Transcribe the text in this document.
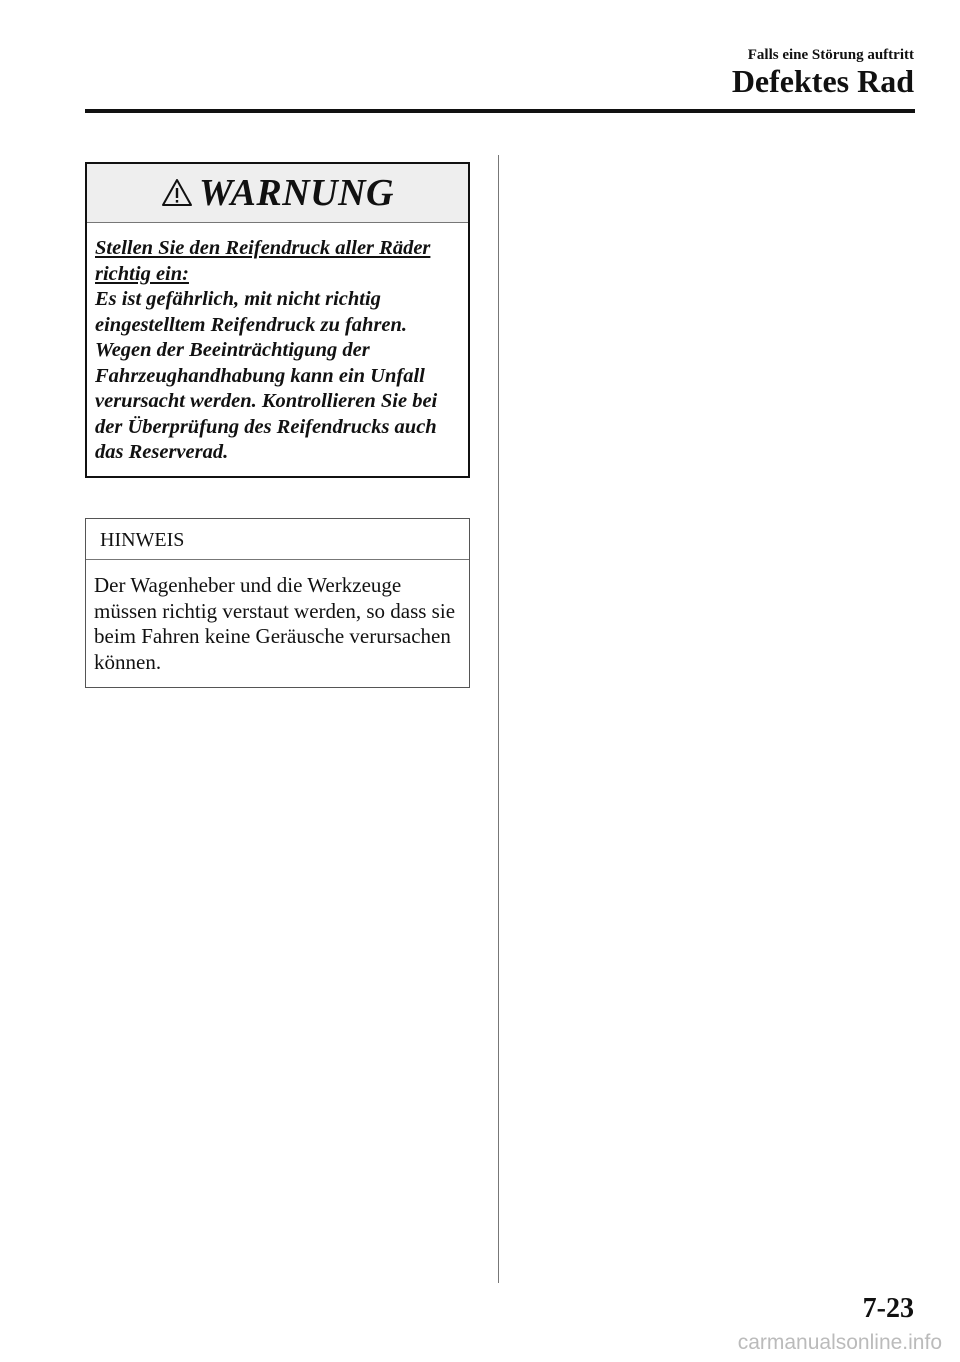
Falls eine Störung auftritt
Defektes Rad
WARNUNG
Stellen Sie den Reifendruck aller Räder richtig ein:
Es ist gefährlich, mit nicht richtig eingestelltem Reifendruck zu fahren. Wegen der Beeinträchtigung der Fahrzeughandhabung kann ein Unfall verursacht werden. Kontrollieren Sie bei der Überprüfung des Reifendrucks auch das Reserverad.
HINWEIS
Der Wagenheber und die Werkzeuge müssen richtig verstaut werden, so dass sie beim Fahren keine Geräusche verursachen können.
7-23
carmanualsonline.info
